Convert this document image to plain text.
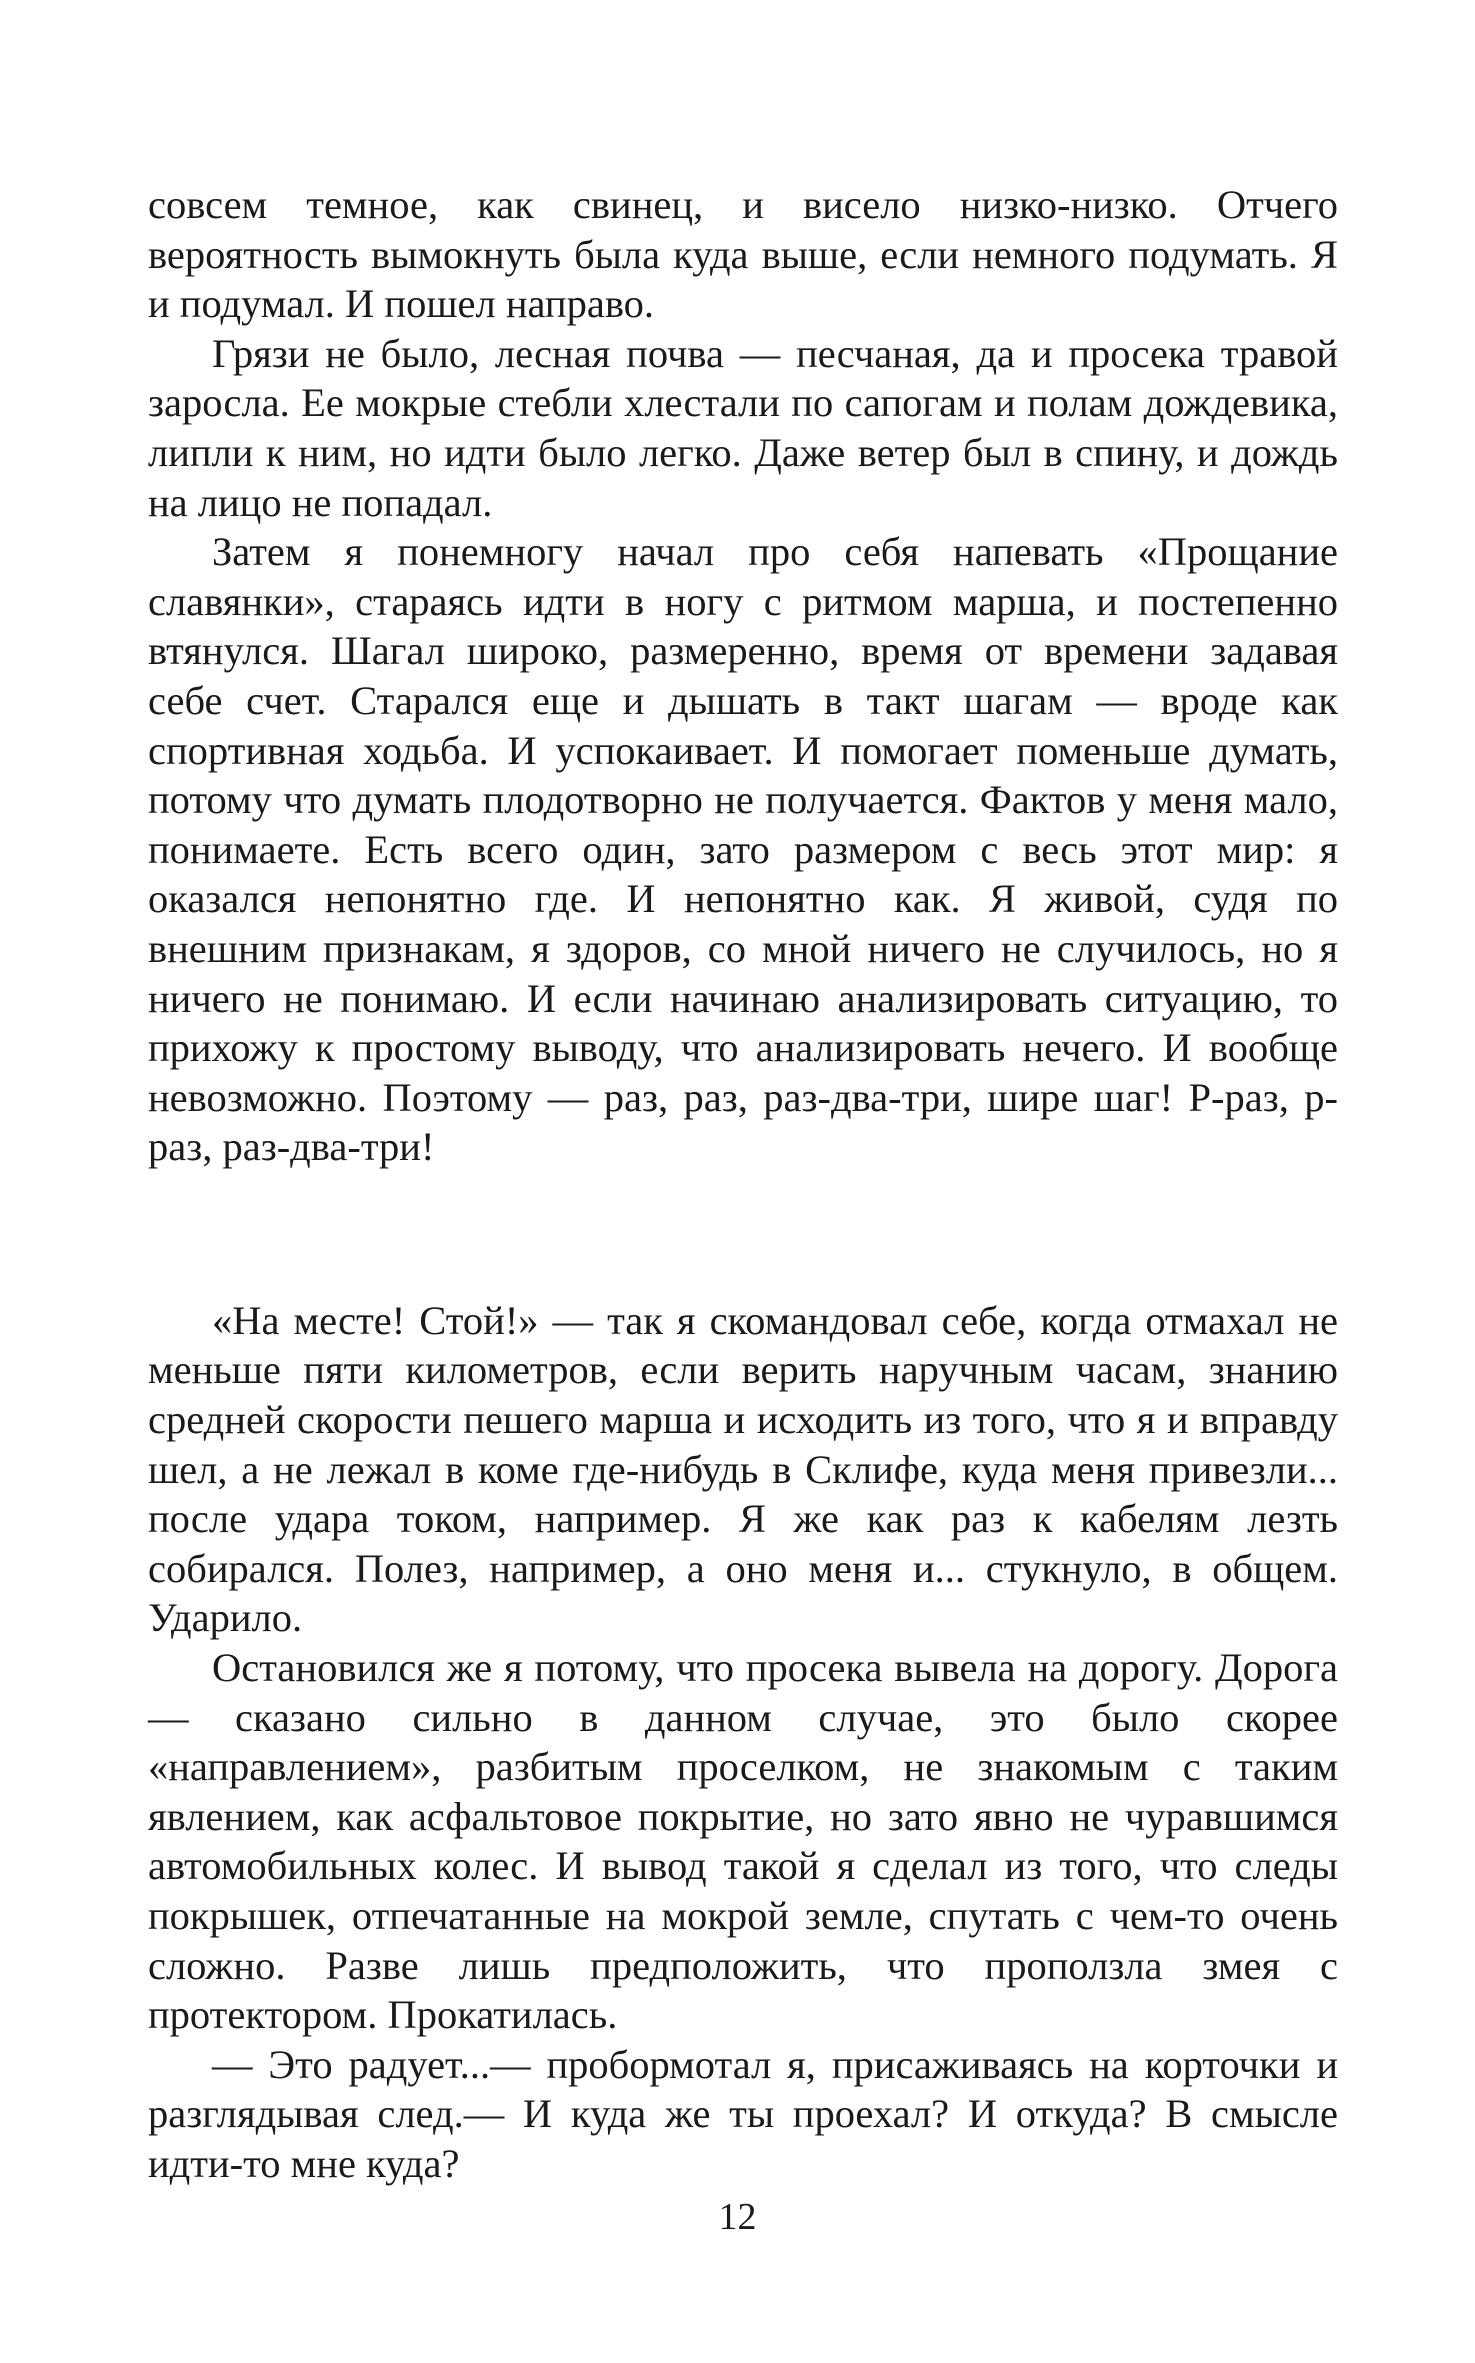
совсем темное, как свинец, и висело низко-низко. Отчего вероятность вымокнуть была куда выше, если немного подумать. Я и подумал. И пошел направо.

Грязи не было, лесная почва — песчаная, да и просека травой заросла. Ее мокрые стебли хлестали по сапогам и полам дождевика, липли к ним, но идти было легко. Даже ветер был в спину, и дождь на лицо не попадал.

Затем я понемногу начал про себя напевать «Прощание славянки», стараясь идти в ногу с ритмом марша, и постепенно втянулся. Шагал широко, размеренно, время от времени задавая себе счет. Старался еще и дышать в такт шагам — вроде как спортивная ходьба. И успокаивает. И помогает поменьше думать, потому что думать плодотворно не получается. Фактов у меня мало, понимаете. Есть всего один, зато размером с весь этот мир: я оказался непонятно где. И непонятно как. Я живой, судя по внешним признакам, я здоров, со мной ничего не случилось, но я ничего не понимаю. И если начинаю анализировать ситуацию, то прихожу к простому выводу, что анализировать нечего. И вообще невозможно. Поэтому — раз, раз, раз-два-три, шире шаг! Р-раз, р-раз, раз-два-три!

«На месте! Стой!» — так я скомандовал себе, когда отмахал не меньше пяти километров, если верить наручным часам, знанию средней скорости пешего марша и исходить из того, что я и вправду шел, а не лежал в коме где-нибудь в Склифе, куда меня привезли... после удара током, например. Я же как раз к кабелям лезть собирался. Полез, например, а оно меня и... стукнуло, в общем. Ударило.

Остановился же я потому, что просека вывела на дорогу. Дорога — сказано сильно в данном случае, это было скорее «направлением», разбитым проселком, не знакомым с таким явлением, как асфальтовое покрытие, но зато явно не чуравшимся автомобильных колес. И вывод такой я сделал из того, что следы покрышек, отпечатанные на мокрой земле, спутать с чем-то очень сложно. Разве лишь предположить, что проползла змея с протектором. Прокатилась.

— Это радует...— пробормотал я, присаживаясь на корточки и разглядывая след.— И куда же ты проехал? И откуда? В смысле идти-то мне куда?

12
